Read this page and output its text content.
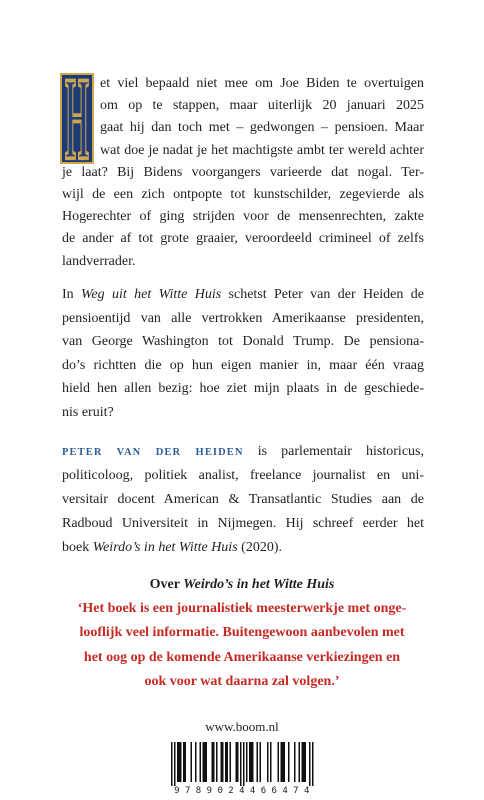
H et viel bepaald niet mee om Joe Biden te overtuigen
om op te stappen, maar uiterlijk 20 januari 2025
gaat hij dan toch met – gedwongen – pensioen. Maar
wat doe je nadat je het machtigste ambt ter wereld achter
je laat? Bij Bidens voorgangers varieerde dat nogal. Ter-
wijl de een zich ontpopte tot kunstschilder, zegevierde als
Hogerechter of ging strijden voor de mensenrechten, zakte
de ander af tot grote graaier, veroordeeld crimineel of zelfs
landverrader.
In Weg uit het Witte Huis schetst Peter van der Heiden de
pensioentijd van alle vertrokken Amerikaanse presidenten,
van George Washington tot Donald Trump. De pensiona-
do’s richtten die op hun eigen manier in, maar één vraag
hield hen allen bezig: hoe ziet mijn plaats in de geschiede-
nis eruit?
PETER VAN DER HEIDEN is parlementair historicus,
politicoloog, politiek analist, freelance journalist en uni-
versitair docent American & Transatlantic Studies aan de
Radboud Universiteit in Nijmegen. Hij schreef eerder het
boek Weirdo’s in het Witte Huis (2020).
Over Weirdo’s in het Witte Huis
‘Het boek is een journalistiek meesterwerkje met onge-
looflijk veel informatie. Buitengewoon aanbevolen met
het oog op de komende Amerikaanse verkiezingen en
ook voor wat daarna zal volgen.’
www.boom.nl
9789024466474
